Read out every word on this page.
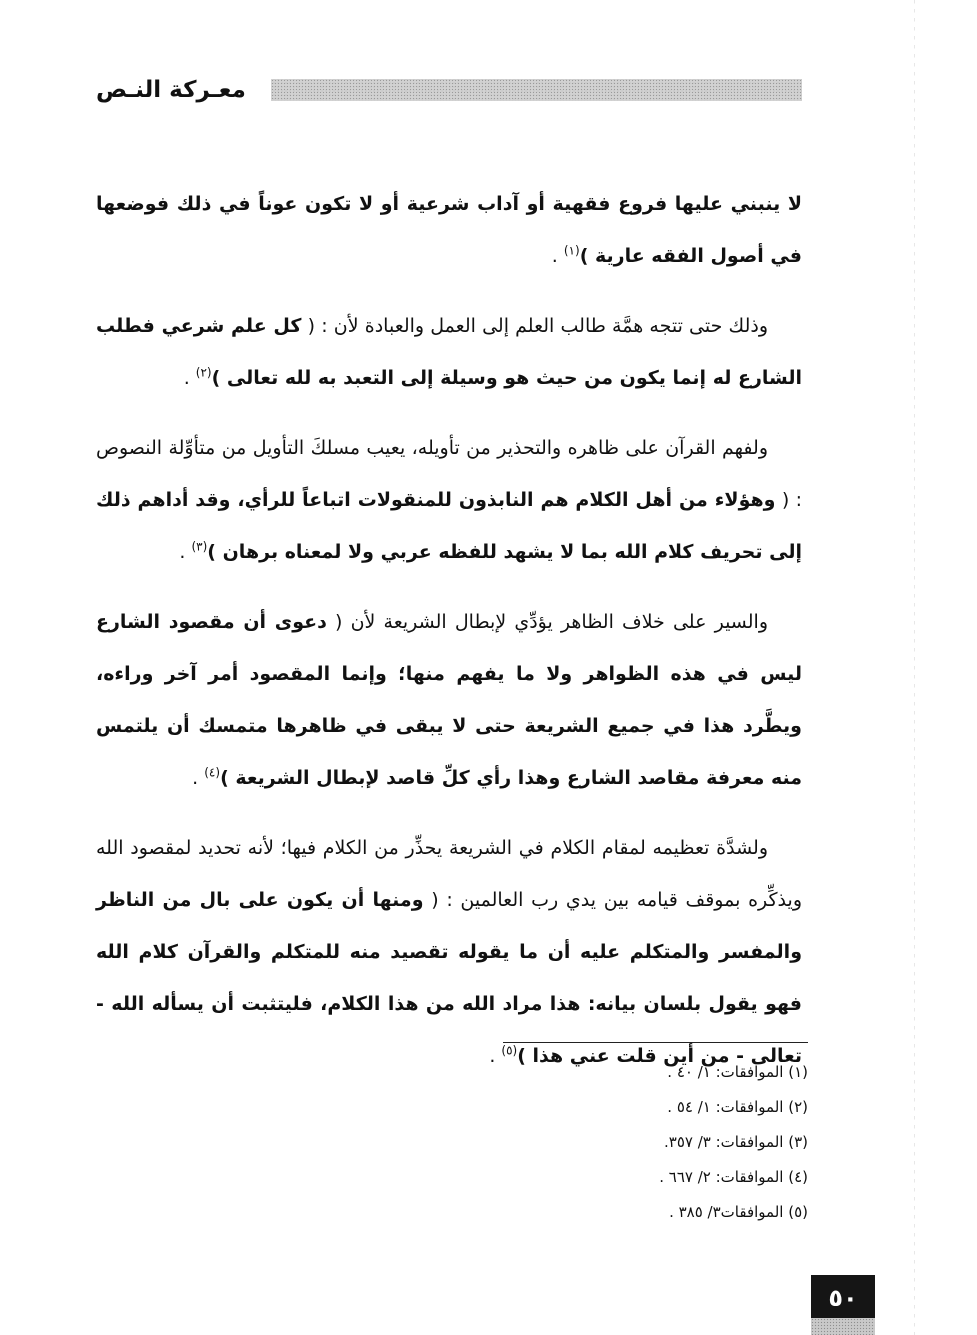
معـركة النـص

لا ينبني عليها فروع فقهية أو آداب شرعية أو لا تكون عوناً في ذلك فوضعها في أصول الفقه عارية )$^{(١)}$ .

وذلك حتى تتجه همَّة طالب العلم إلى العمل والعبادة لأن : ( كل علم شرعي فطلب الشارع له إنما يكون من حيث هو وسيلة إلى التعبد به لله تعالى )$^{(٢)}$ .

ولفهم القرآن على ظاهره والتحذير من تأويله، يعيب مسلكَ التأويل من متأوِّلة النصوص : ( وهؤلاء من أهل الكلام هم النابذون للمنقولات اتباعاً للرأي، وقد أداهم ذلك إلى تحريف كلام الله بما لا يشهد للفظه عربي ولا لمعناه برهان )$^{(٣)}$ .

والسير على خلاف الظاهر يؤدِّي لإبطال الشريعة لأن ( دعوى أن مقصود الشارع ليس في هذه الظواهر ولا ما يفهم منها؛ وإنما المقصود أمر آخر وراءه، ويطَّرد هذا في جميع الشريعة حتى لا يبقى في ظاهرها متمسك أن يلتمس منه معرفة مقاصد الشارع وهذا رأي كلِّ قاصد لإبطال الشريعة )$^{(٤)}$ .

ولشدَّة تعظيمه لمقام الكلام في الشريعة يحذِّر من الكلام فيها؛ لأنه تحديد لمقصود الله ويذكِّره بموقف قيامه بين يدي رب العالمين : ( ومنها أن يكون على بال من الناظر والمفسر والمتكلم عليه أن ما يقوله تقصيد منه للمتكلم والقرآن كلام الله فهو يقول بلسان بيانه: هذا مراد الله من هذا الكلام، فليتثبت أن يسأله الله - تعالى - من أين قلت عني هذا )$^{(٥)}$ .

(١) الموافقات: ١/ ٤٠ .
(٢) الموافقات: ١/ ٥٤ .
(٣) الموافقات: ٣/ ٣٥٧.
(٤) الموافقات: ٢/ ٦٦٧ .
(٥) الموافقات٣/ ٣٨٥ .
٥٠
